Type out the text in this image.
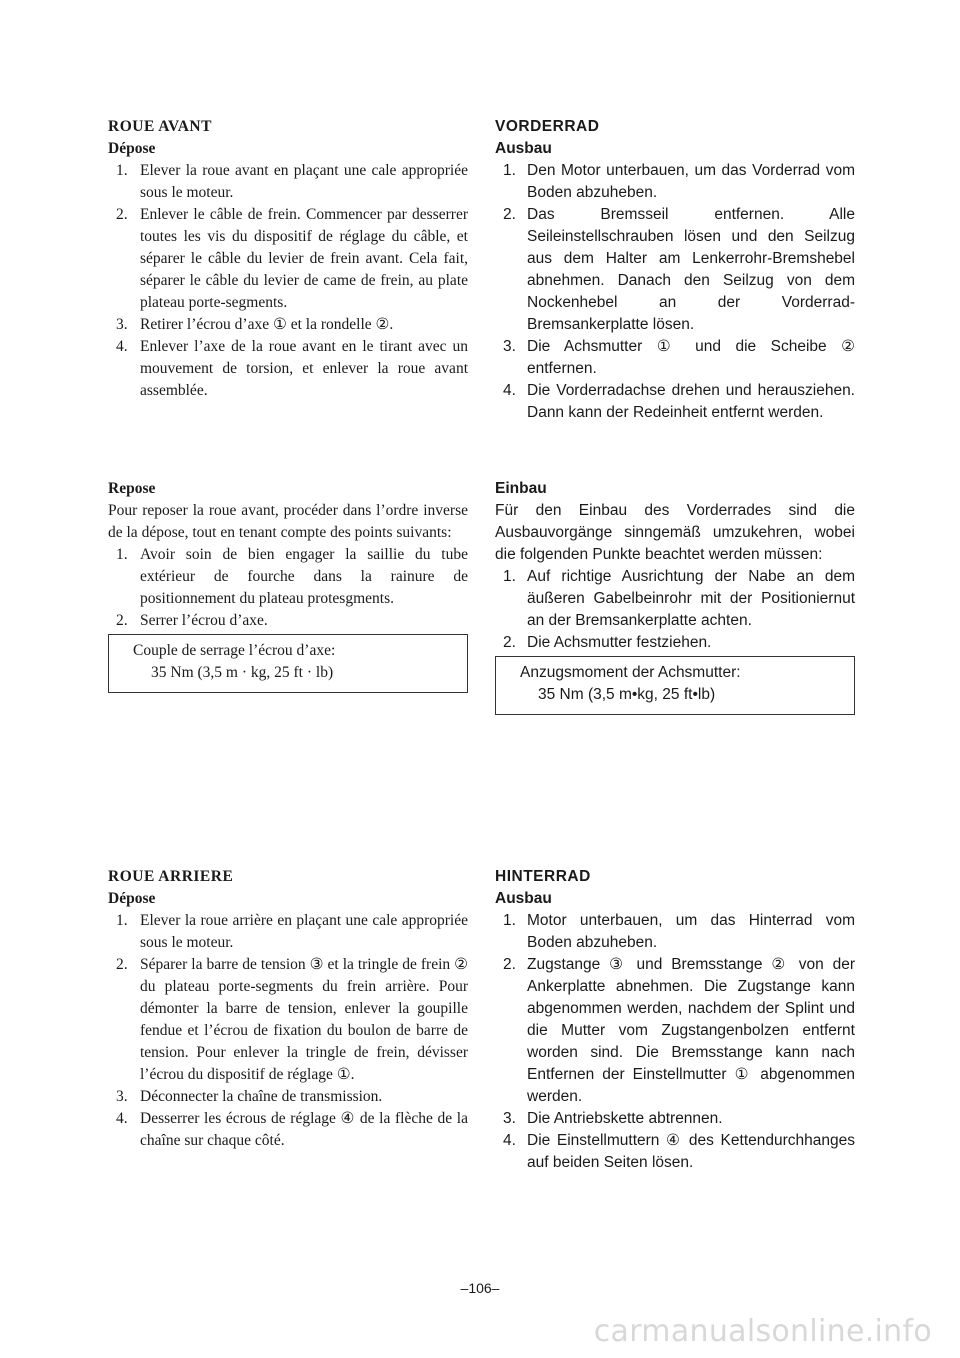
ROUE AVANT
Dépose
1. Elever la roue avant en plaçant une cale appropriée sous le moteur.
2. Enlever le câble de frein. Commencer par desserrer toutes les vis du dispositif de réglage du câble, et séparer le câble du levier de frein avant. Cela fait, séparer le câble du levier de came de frein, au plate plateau porte-segments.
3. Retirer l’écrou d’axe ① et la rondelle ②.
4. Enlever l’axe de la roue avant en le tirant avec un mouvement de torsion, et enlever la roue avant assemblée.
Repose

Pour reposer la roue avant, procéder dans l’ordre inverse de la dépose, tout en tenant compte des points suivants:

1. Avoir soin de bien engager la saillie du tube extérieur de fourche dans la rainure de positionnement du plateau protesgments.
2. Serrer l’écrou d’axe.
Couple de serrage l’écrou d’axe:
35 Nm (3,5 m · kg, 25 ft · lb)
VORDERRAD
Ausbau
1. Den Motor unterbauen, um das Vorderrad vom Boden abzuheben.
2. Das Bremsseil entfernen. Alle Seileinstellschrauben lösen und den Seilzug aus dem Halter am Lenkerrohr-Bremshebel abnehmen. Danach den Seilzug von dem Nockenhebel an der Vorderrad-Bremsankerplatte lösen.
3. Die Achsmutter ① und die Scheibe ② entfernen.
4. Die Vorderradachse drehen und herausziehen. Dann kann der Redeinheit entfernt werden.
Einbau

Für den Einbau des Vorderrades sind die Ausbauvorgänge sinngemäß umzukehren, wobei die folgenden Punkte beachtet werden müssen:

1. Auf richtige Ausrichtung der Nabe an dem äußeren Gabelbeinrohr mit der Positioniernut an der Bremsankerplatte achten.
2. Die Achsmutter festziehen.
Anzugsmoment der Achsmutter:
35 Nm (3,5 m•kg, 25 ft•lb)
ROUE ARRIERE
Dépose
1. Elever la roue arrière en plaçant une cale appropriée sous le moteur.
2. Séparer la barre de tension ③ et la tringle de frein ② du plateau porte-segments du frein arrière. Pour démonter la barre de tension, enlever la goupille fendue et l’écrou de fixation du boulon de barre de tension. Pour enlever la tringle de frein, dévisser l’écrou du dispositif de réglage ①.
3. Déconnecter la chaîne de transmission.
4. Desserrer les écrous de réglage ④ de la flèche de la chaîne sur chaque côté.
HINTERRAD
Ausbau
1. Motor unterbauen, um das Hinterrad vom Boden abzuheben.
2. Zugstange ③ und Bremsstange ② von der Ankerplatte abnehmen. Die Zugstange kann abgenommen werden, nachdem der Splint und die Mutter vom Zugstangenbolzen entfernt worden sind. Die Bremsstange kann nach Entfernen der Einstellmutter ① abgenommen werden.
3. Die Antriebskette abtrennen.
4. Die Einstellmuttern ④ des Kettendurchhanges auf beiden Seiten lösen.
–106–
carmanualsonline.info
